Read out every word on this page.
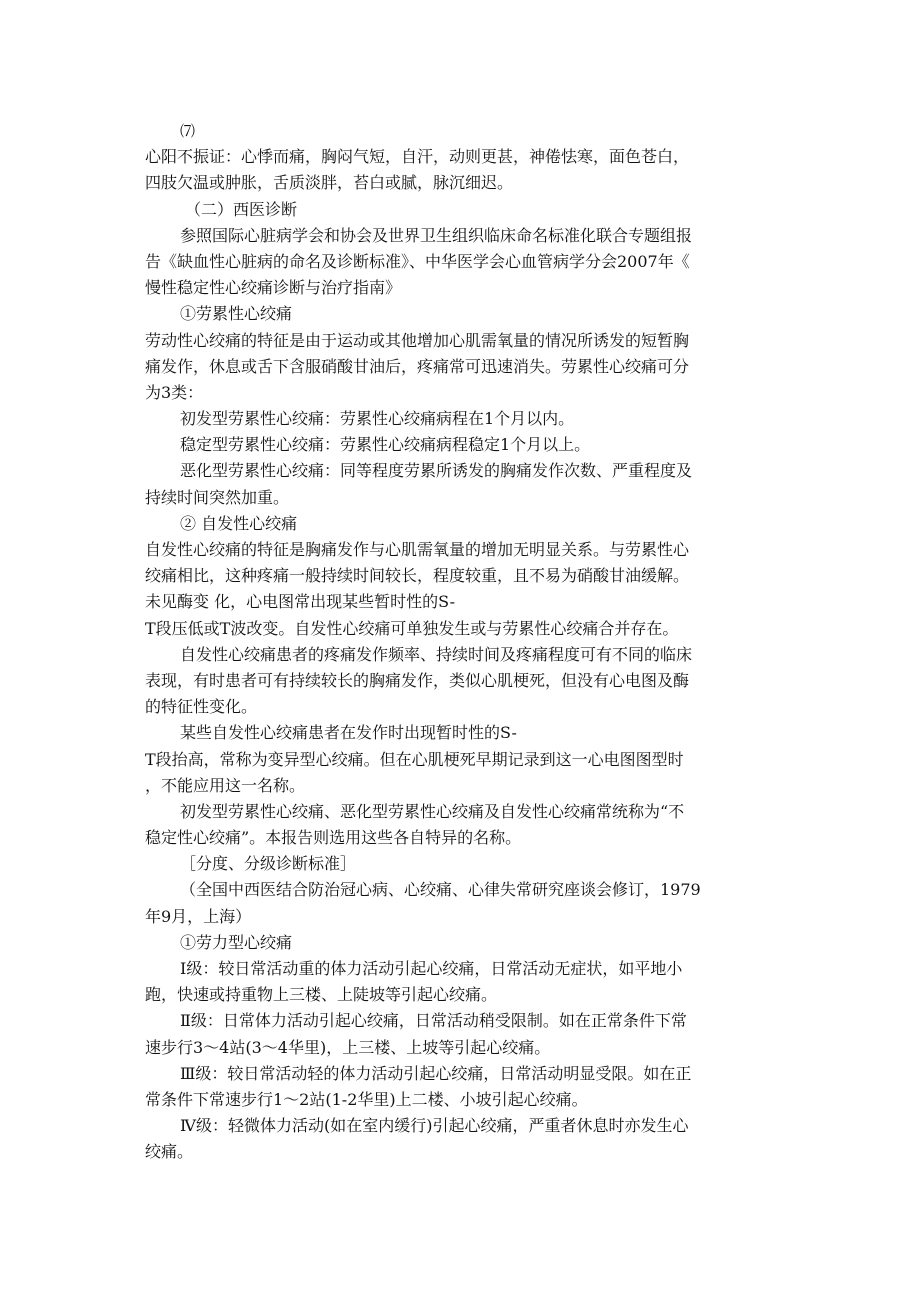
⑺
心阳不振证：心悸而痛，胸闷气短，自汗，动则更甚，神倦怯寒，面色苍白，
四肢欠温或肿胀，舌质淡胖，苔白或腻，脉沉细迟。
（二）西医诊断
参照国际心脏病学会和协会及世界卫生组织临床命名标准化联合专题组报
告《缺血性心脏病的命名及诊断标准》、中华医学会心血管病学分会2007年《
慢性稳定性心绞痛诊断与治疗指南》
①劳累性心绞痛
劳动性心绞痛的特征是由于运动或其他增加心肌需氧量的情况所诱发的短暂胸
痛发作，休息或舌下含服硝酸甘油后，疼痛常可迅速消失。劳累性心绞痛可分
为3类：
初发型劳累性心绞痛：劳累性心绞痛病程在1个月以内。
稳定型劳累性心绞痛：劳累性心绞痛病程稳定1个月以上。
恶化型劳累性心绞痛：同等程度劳累所诱发的胸痛发作次数、严重程度及
持续时间突然加重。
② 自发性心绞痛
自发性心绞痛的特征是胸痛发作与心肌需氧量的增加无明显关系。与劳累性心
绞痛相比，这种疼痛一般持续时间较长，程度较重，且不易为硝酸甘油缓解。
未见酶变 化，心电图常出现某些暂时性的S-
T段压低或T波改变。自发性心绞痛可单独发生或与劳累性心绞痛合并存在。
自发性心绞痛患者的疼痛发作频率、持续时间及疼痛程度可有不同的临床
表现，有时患者可有持续较长的胸痛发作，类似心肌梗死，但没有心电图及酶
的特征性变化。
某些自发性心绞痛患者在发作时出现暂时性的S-
T段抬高，常称为变异型心绞痛。但在心肌梗死早期记录到这一心电图图型时
，不能应用这一名称。
初发型劳累性心绞痛、恶化型劳累性心绞痛及自发性心绞痛常统称为“不
稳定性心绞痛”。本报告则选用这些各自特异的名称。
［分度、分级诊断标准］
（全国中西医结合防治冠心病、心绞痛、心律失常研究座谈会修订，1979
年9月，上海）
①劳力型心绞痛
Ⅰ级：较日常活动重的体力活动引起心绞痛，日常活动无症状，如平地小
跑，快速或持重物上三楼、上陡坡等引起心绞痛。
Ⅱ级：日常体力活动引起心绞痛，日常活动稍受限制。如在正常条件下常
速步行3～4站(3～4华里)，上三楼、上坡等引起心绞痛。
Ⅲ级：较日常活动轻的体力活动引起心绞痛，日常活动明显受限。如在正
常条件下常速步行1～2站(1-2华里)上二楼、小坡引起心绞痛。
Ⅳ级：轻微体力活动(如在室内缓行)引起心绞痛，严重者休息时亦发生心
绞痛。
